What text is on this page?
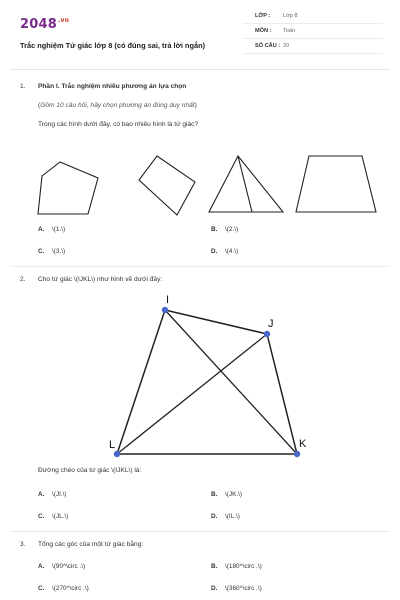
$2048^{.vn}$
Trắc nghiệm Tứ giác lớp 8 (có đúng sai, trả lời ngắn)
LỚP : Lớp 8
MÔN : Toán
SỐ CÂU : 20
1. Phần I. Trắc nghiệm nhiều phương án lựa chọn
(Gồm 10 câu hỏi, hãy chọn phương án đúng duy nhất)
Trong các hình dưới đây, có bao nhiêu hình là tứ giác?
A. \(1.\)	B. \(2.\)
C. \(3.\)	D. \(4.\)
2. Cho tứ giác \(IJKL\) như hình vẽ dưới đây:
I
J
K
L
Đường chéo của tứ giác \(IJKL\) là:
A. \(JI.\)	B. \(JK.\)
C. \(JL.\)	D. \(IL.\)
3. Tổng các góc của một tứ giác bằng:
A. \(90^\circ .\)	B. \(180^\circ .\)
C. \(270^\circ .\)	D. \(360^\circ .\)
